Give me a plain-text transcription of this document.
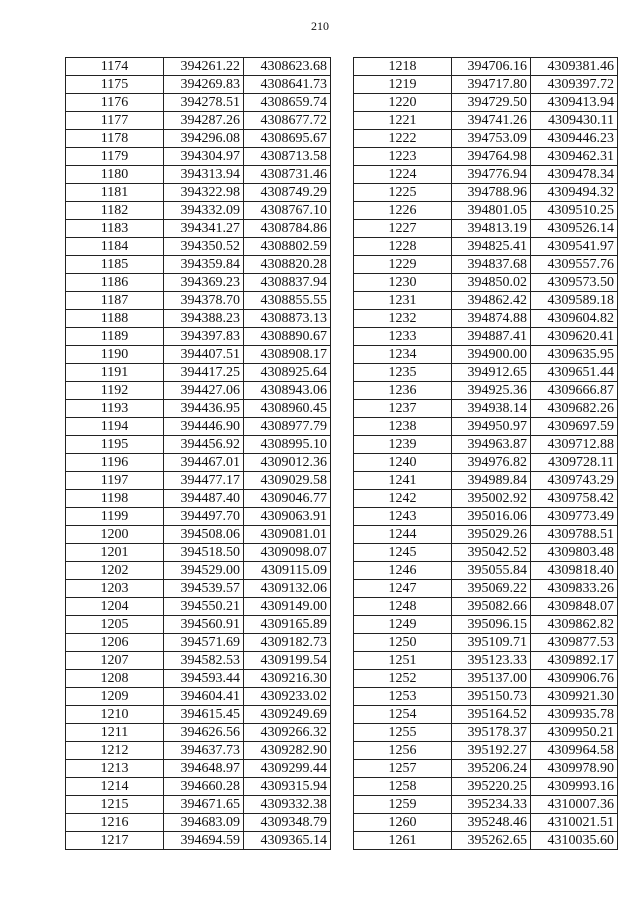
210
1174	394261.22	4308623.68
1175	394269.83	4308641.73
1176	394278.51	4308659.74
1177	394287.26	4308677.72
1178	394296.08	4308695.67
1179	394304.97	4308713.58
1180	394313.94	4308731.46
1181	394322.98	4308749.29
1182	394332.09	4308767.10
1183	394341.27	4308784.86
1184	394350.52	4308802.59
1185	394359.84	4308820.28
1186	394369.23	4308837.94
1187	394378.70	4308855.55
1188	394388.23	4308873.13
1189	394397.83	4308890.67
1190	394407.51	4308908.17
1191	394417.25	4308925.64
1192	394427.06	4308943.06
1193	394436.95	4308960.45
1194	394446.90	4308977.79
1195	394456.92	4308995.10
1196	394467.01	4309012.36
1197	394477.17	4309029.58
1198	394487.40	4309046.77
1199	394497.70	4309063.91
1200	394508.06	4309081.01
1201	394518.50	4309098.07
1202	394529.00	4309115.09
1203	394539.57	4309132.06
1204	394550.21	4309149.00
1205	394560.91	4309165.89
1206	394571.69	4309182.73
1207	394582.53	4309199.54
1208	394593.44	4309216.30
1209	394604.41	4309233.02
1210	394615.45	4309249.69
1211	394626.56	4309266.32
1212	394637.73	4309282.90
1213	394648.97	4309299.44
1214	394660.28	4309315.94
1215	394671.65	4309332.38
1216	394683.09	4309348.79
1217	394694.59	4309365.14
1218	394706.16	4309381.46
1219	394717.80	4309397.72
1220	394729.50	4309413.94
1221	394741.26	4309430.11
1222	394753.09	4309446.23
1223	394764.98	4309462.31
1224	394776.94	4309478.34
1225	394788.96	4309494.32
1226	394801.05	4309510.25
1227	394813.19	4309526.14
1228	394825.41	4309541.97
1229	394837.68	4309557.76
1230	394850.02	4309573.50
1231	394862.42	4309589.18
1232	394874.88	4309604.82
1233	394887.41	4309620.41
1234	394900.00	4309635.95
1235	394912.65	4309651.44
1236	394925.36	4309666.87
1237	394938.14	4309682.26
1238	394950.97	4309697.59
1239	394963.87	4309712.88
1240	394976.82	4309728.11
1241	394989.84	4309743.29
1242	395002.92	4309758.42
1243	395016.06	4309773.49
1244	395029.26	4309788.51
1245	395042.52	4309803.48
1246	395055.84	4309818.40
1247	395069.22	4309833.26
1248	395082.66	4309848.07
1249	395096.15	4309862.82
1250	395109.71	4309877.53
1251	395123.33	4309892.17
1252	395137.00	4309906.76
1253	395150.73	4309921.30
1254	395164.52	4309935.78
1255	395178.37	4309950.21
1256	395192.27	4309964.58
1257	395206.24	4309978.90
1258	395220.25	4309993.16
1259	395234.33	4310007.36
1260	395248.46	4310021.51
1261	395262.65	4310035.60
